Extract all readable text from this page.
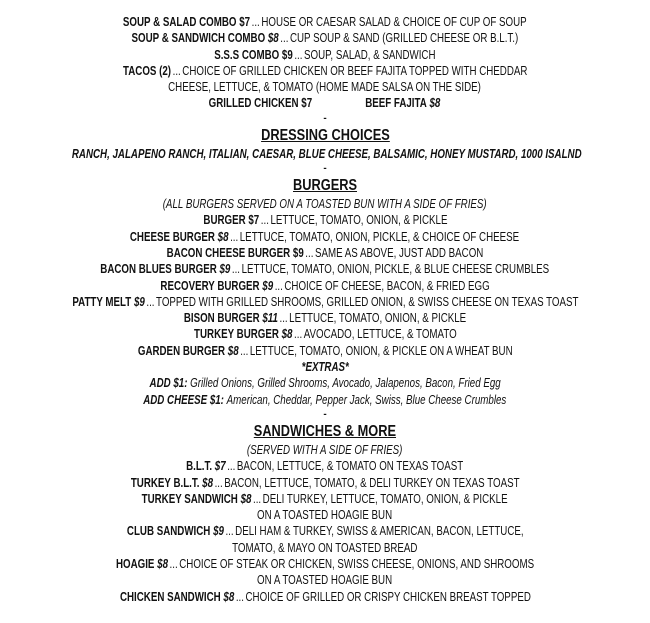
SOUP & SALAD COMBO $7 ... HOUSE OR CAESAR SALAD & CHOICE OF CUP OF SOUP
SOUP & SANDWICH COMBO $8 ... CUP SOUP & SAND (GRILLED CHEESE OR B.L.T.)
S.S.S COMBO $9 ... SOUP, SALAD, & SANDWICH
TACOS (2) ... CHOICE OF GRILLED CHICKEN OR BEEF FAJITA TOPPED WITH CHEDDAR
CHEESE, LETTUCE, & TOMATO (HOME MADE SALSA ON THE SIDE)
GRILLED CHICKEN $7	BEEF FAJITA $8
-
DRESSING CHOICES
RANCH, JALAPENO RANCH, ITALIAN, CAESAR, BLUE CHEESE, BALSAMIC, HONEY MUSTARD, 1000 ISALND
-
BURGERS
(ALL BURGERS SERVED ON A TOASTED BUN WITH A SIDE OF FRIES)
BURGER $7 ... LETTUCE, TOMATO, ONION, & PICKLE
CHEESE BURGER $8 ... LETTUCE, TOMATO, ONION, PICKLE, & CHOICE OF CHEESE
BACON CHEESE BURGER $9 ... SAME AS ABOVE, JUST ADD BACON
BACON BLUES BURGER $9 ... LETTUCE, TOMATO, ONION, PICKLE, & BLUE CHEESE CRUMBLES
RECOVERY BURGER $9 ... CHOICE OF CHEESE, BACON, & FRIED EGG
PATTY MELT $9 ... TOPPED WITH GRILLED SHROOMS, GRILLED ONION, & SWISS CHEESE ON TEXAS TOAST
BISON BURGER $11 ... LETTUCE, TOMATO, ONION, & PICKLE
TURKEY BURGER $8 ... AVOCADO, LETTUCE, & TOMATO
GARDEN BURGER $8 ... LETTUCE, TOMATO, ONION, & PICKLE ON A WHEAT BUN
*EXTRAS*
ADD $1: Grilled Onions, Grilled Shrooms, Avocado, Jalapenos, Bacon, Fried Egg
ADD CHEESE $1: American, Cheddar, Pepper Jack, Swiss, Blue Cheese Crumbles
-
SANDWICHES & MORE
(SERVED WITH A SIDE OF FRIES)
B.L.T. $7 ... BACON, LETTUCE, & TOMATO ON TEXAS TOAST
TURKEY B.L.T. $8 ... BACON, LETTUCE, TOMATO, & DELI TURKEY ON TEXAS TOAST
TURKEY SANDWICH $8 ... DELI TURKEY, LETTUCE, TOMATO, ONION, & PICKLE
ON A TOASTED HOAGIE BUN
CLUB SANDWICH $9 ... DELI HAM & TURKEY, SWISS & AMERICAN, BACON, LETTUCE,
TOMATO, & MAYO ON TOASTED BREAD
HOAGIE $8 ... CHOICE OF STEAK OR CHICKEN, SWISS CHEESE, ONIONS, AND SHROOMS
ON A TOASTED HOAGIE BUN
CHICKEN SANDWICH $8 ... CHOICE OF GRILLED OR CRISPY CHICKEN BREAST TOPPED
